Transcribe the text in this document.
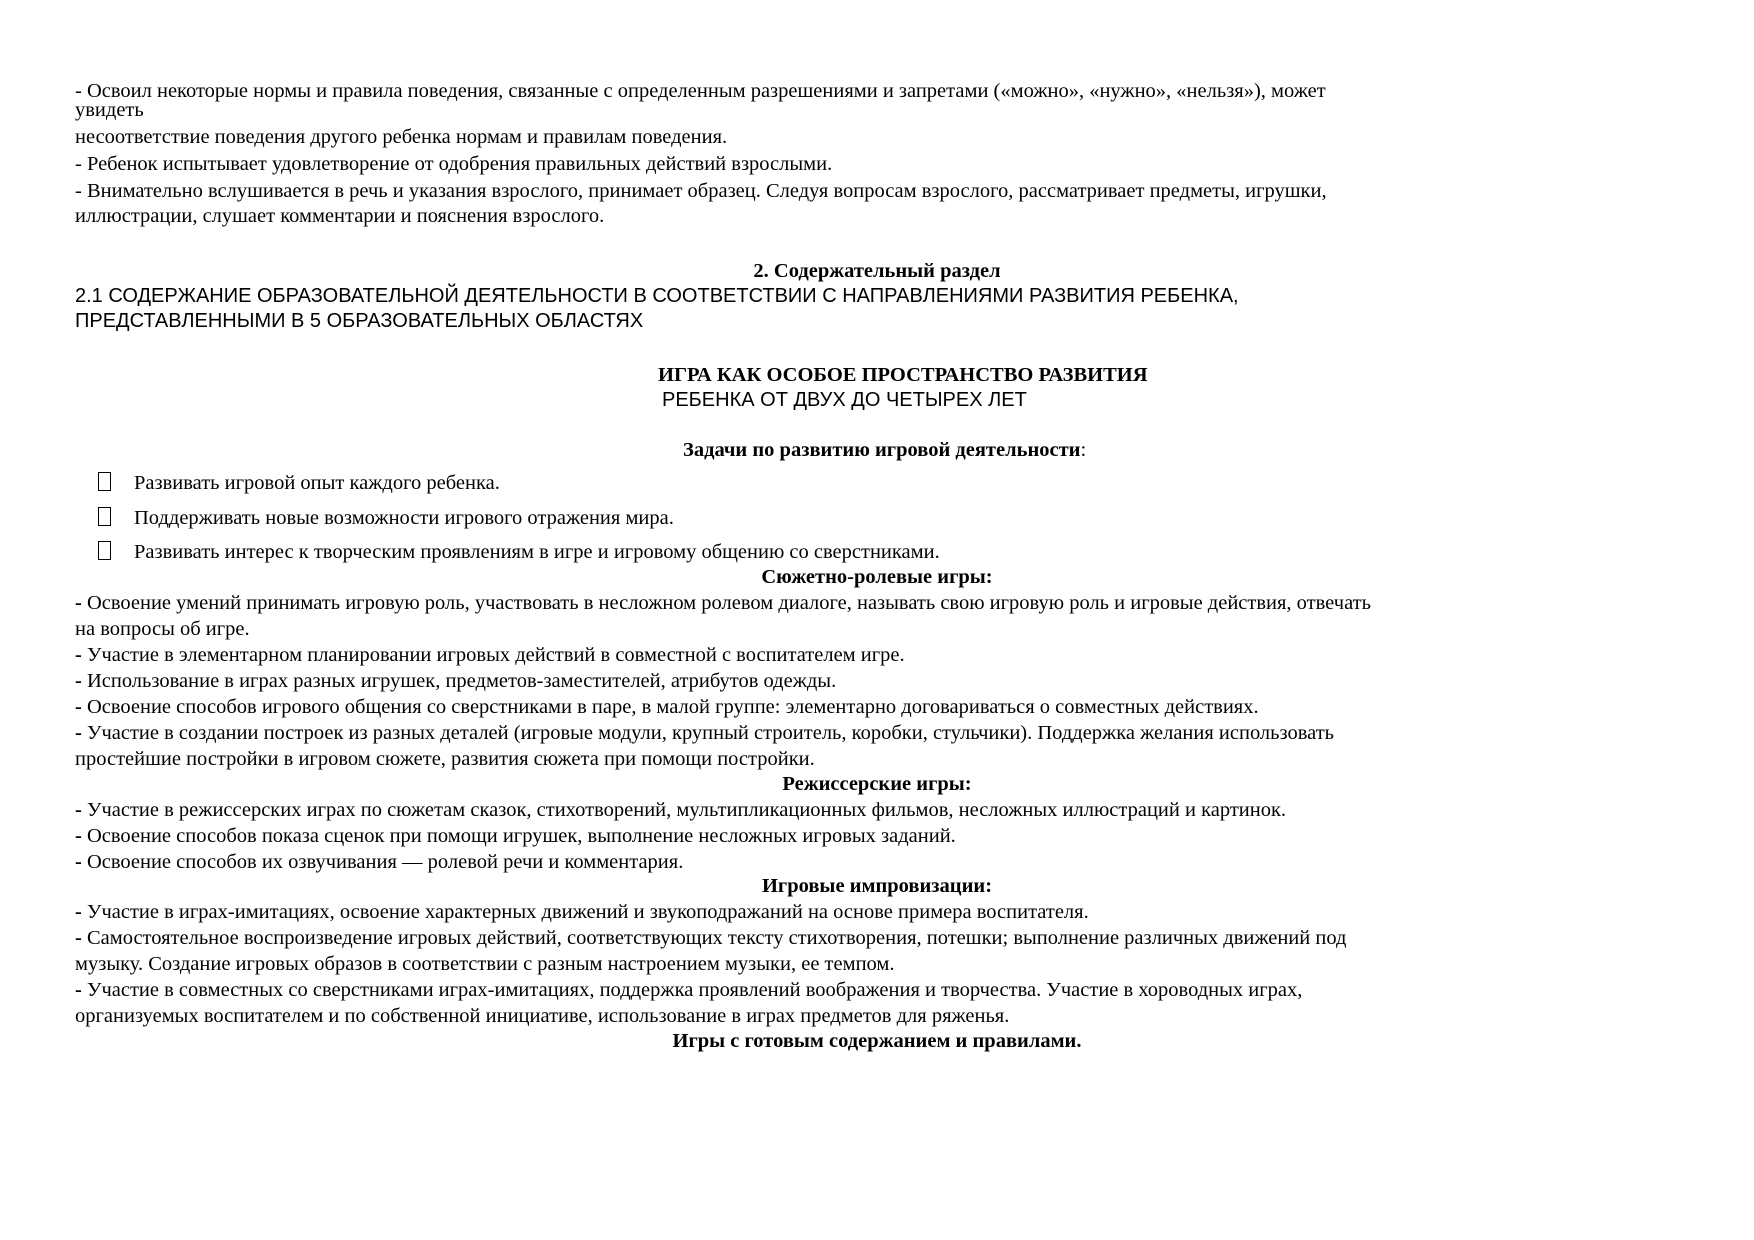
- Освоил некоторые нормы и правила поведения, связанные с определенным разрешениями и запретами («можно», «нужно», «нельзя»), может
увидеть
несоответствие поведения другого ребенка нормам и правилам поведения.
- Ребенок испытывает удовлетворение от одобрения правильных действий взрослыми.
- Внимательно вслушивается в речь и указания взрослого, принимает образец. Следуя вопросам взрослого, рассматривает предметы, игрушки,
иллюстрации, слушает комментарии и пояснения взрослого.
2. Содержательный раздел
2.1 СОДЕРЖАНИЕ ОБРАЗОВАТЕЛЬНОЙ ДЕЯТЕЛЬНОСТИ В СООТВЕТСТВИИ С НАПРАВЛЕНИЯМИ РАЗВИТИЯ РЕБЕНКА,
ПРЕДСТАВЛЕННЫМИ В 5 ОБРАЗОВАТЕЛЬНЫХ ОБЛАСТЯХ
ИГРА КАК ОСОБОЕ ПРОСТРАНСТВО РАЗВИТИЯ
РЕБЕНКА ОТ ДВУХ ДО ЧЕТЫРЕХ ЛЕТ
Задачи по развитию игровой деятельности:
Развивать игровой опыт каждого ребенка.
Поддерживать новые возможности игрового отражения мира.
Развивать интерес к творческим проявлениям в игре и игровому общению со сверстниками.
Сюжетно-ролевые игры:
- Освоение умений принимать игровую роль, участвовать в несложном ролевом диалоге, называть свою игровую роль и игровые действия, отвечать
на вопросы об игре.
- Участие в элементарном планировании игровых действий в совместной с воспитателем игре.
- Использование в играх разных игрушек, предметов-заместителей, атрибутов одежды.
- Освоение способов игрового общения со сверстниками в паре, в малой группе: элементарно договариваться о совместных действиях.
- Участие в создании построек из разных деталей (игровые модули, крупный строитель, коробки, стульчики). Поддержка желания использовать
простейшие постройки в игровом сюжете, развития сюжета при помощи постройки.
Режиссерские игры:
- Участие в режиссерских играх по сюжетам сказок, стихотворений, мультипликационных фильмов, несложных иллюстраций и картинок.
- Освоение способов показа сценок при помощи игрушек, выполнение несложных игровых заданий.
- Освоение способов их озвучивания — ролевой речи и комментария.
Игровые импровизации:
- Участие в играх-имитациях, освоение характерных движений и звукоподражаний на основе примера воспитателя.
- Самостоятельное воспроизведение игровых действий, соответствующих тексту стихотворения, потешки; выполнение различных движений под
музыку. Создание игровых образов в соответствии с разным настроением музыки, ее темпом.
- Участие в совместных со сверстниками играх-имитациях, поддержка проявлений воображения и творчества. Участие в хороводных играх,
организуемых воспитателем и по собственной инициативе, использование в играх предметов для ряженья.
Игры с готовым содержанием и правилами.
